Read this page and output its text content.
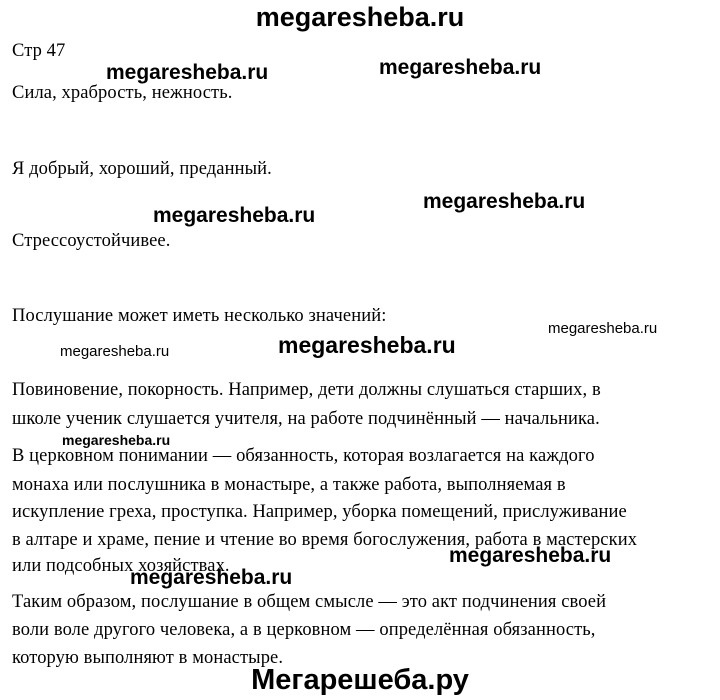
megaresheba.ru
megaresheba.ru	megaresheba.ru
megaresheba.ru
megaresheba.ru
megaresheba.ru
megaresheba.ru
megaresheba.ru
megaresheba.ru
megaresheba.ru
megaresheba.ru
Стр 47
Сила, храбрость, нежность.
Я добрый, хороший, преданный.
Стрессоустойчивее.
Послушание может иметь несколько значений:
Повиновение, покорность. Например, дети должны слушаться старших, в
школе ученик слушается учителя, на работе подчинённый — начальника.
В церковном понимании — обязанность, которая возлагается на каждого
монаха или послушника в монастыре, а также работа, выполняемая в
искупление греха, проступка. Например, уборка помещений, прислуживание
в алтаре и храме, пение и чтение во время богослужения, работа в мастерских
или подсобных хозяйствах.
Таким образом, послушание в общем смысле — это акт подчинения своей
воли воле другого человека, а в церковном — определённая обязанность,
которую выполняют в монастыре.
Мегарешеба.ру
